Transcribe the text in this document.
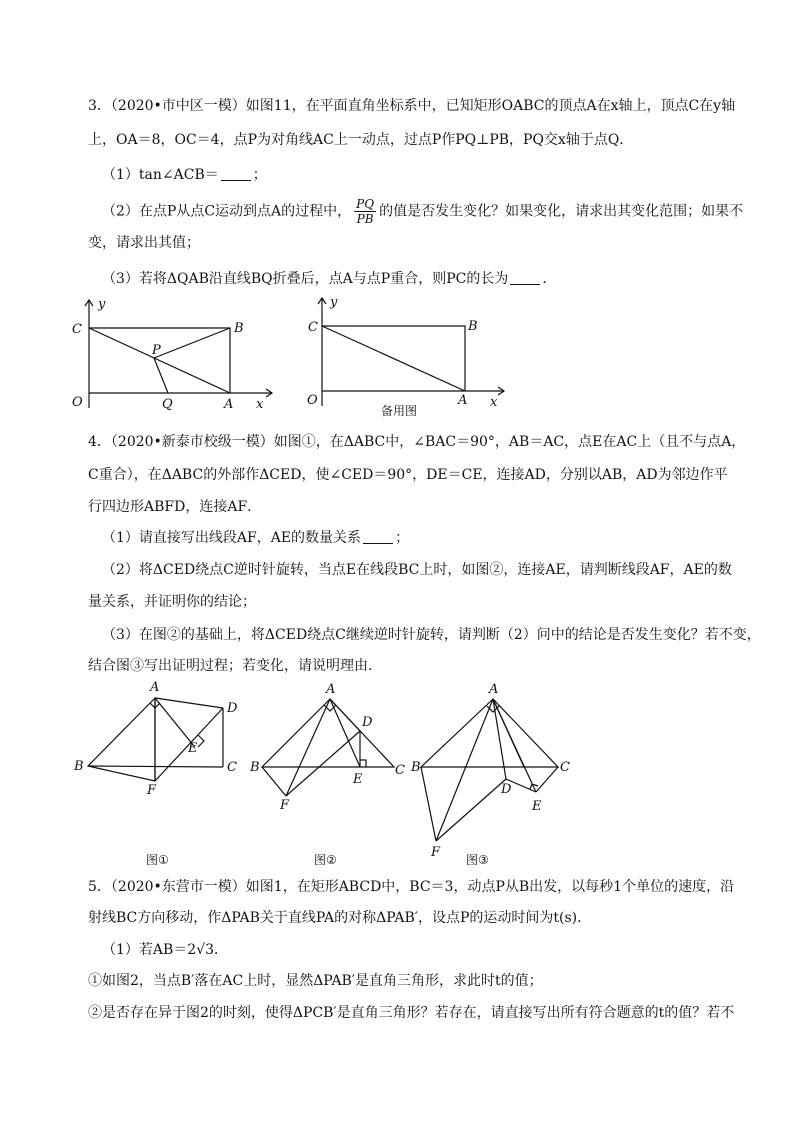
3．（2020•市中区一模）如图11，在平面直角坐标系中，已知矩形OABC的顶点A在x轴上，顶点C在y轴
上，OA＝8，OC＝4，点P为对角线AC上一动点，过点P作PQ⊥PB，PQ交x轴于点Q．
（1）tan∠ACB＝ ；
（2）在点P从点C运动到点A的过程中， $\frac{PQ}{PB}$ 的值是否发生变化？如果变化，请求出其变化范围；如果不
变，请求出其值；
（3）若将ΔQAB沿直线BQ折叠后，点A与点P重合，则PC的长为 ．
y
C	B
P
O	Q	A x
y
C	B
O	A x
备用图
4．（2020•新泰市校级一模）如图①，在ΔABC中，∠BAC＝90°，AB＝AC，点E在AC上（且不与点A，
C重合），在ΔABC的外部作ΔCED，使∠CED＝90°，DE＝CE，连接AD，分别以AB，AD为邻边作平
行四边形ABFD，连接AF．
（1）请直接写出线段AF，AE的数量关系 ；
（2）将ΔCED绕点C逆时针旋转，当点E在线段BC上时，如图②，连接AE，请判断线段AF，AE的数
量关系，并证明你的结论；
（3）在图②的基础上，将ΔCED绕点C继续逆时针旋转，请判断（2）问中的结论是否发生变化？若不变，
结合图③写出证明过程；若变化，请说明理由．
A
D
E
B	C
F
图①
A
D
B
E
C
F
图②
A
B	C
D
E
F 图③
5．（2020•东营市一模）如图1，在矩形ABCD中，BC＝3，动点P从B出发，以每秒1个单位的速度，沿
射线BC方向移动，作ΔPAB关于直线PA的对称ΔPAB′，设点P的运动时间为t(s)．
（1）若AB＝2√3．
①如图2，当点B′落在AC上时，显然ΔPAB′是直角三角形，求此时t的值；
②是否存在异于图2的时刻，使得ΔPCB′是直角三角形？若存在，请直接写出所有符合题意的t的值？若不
